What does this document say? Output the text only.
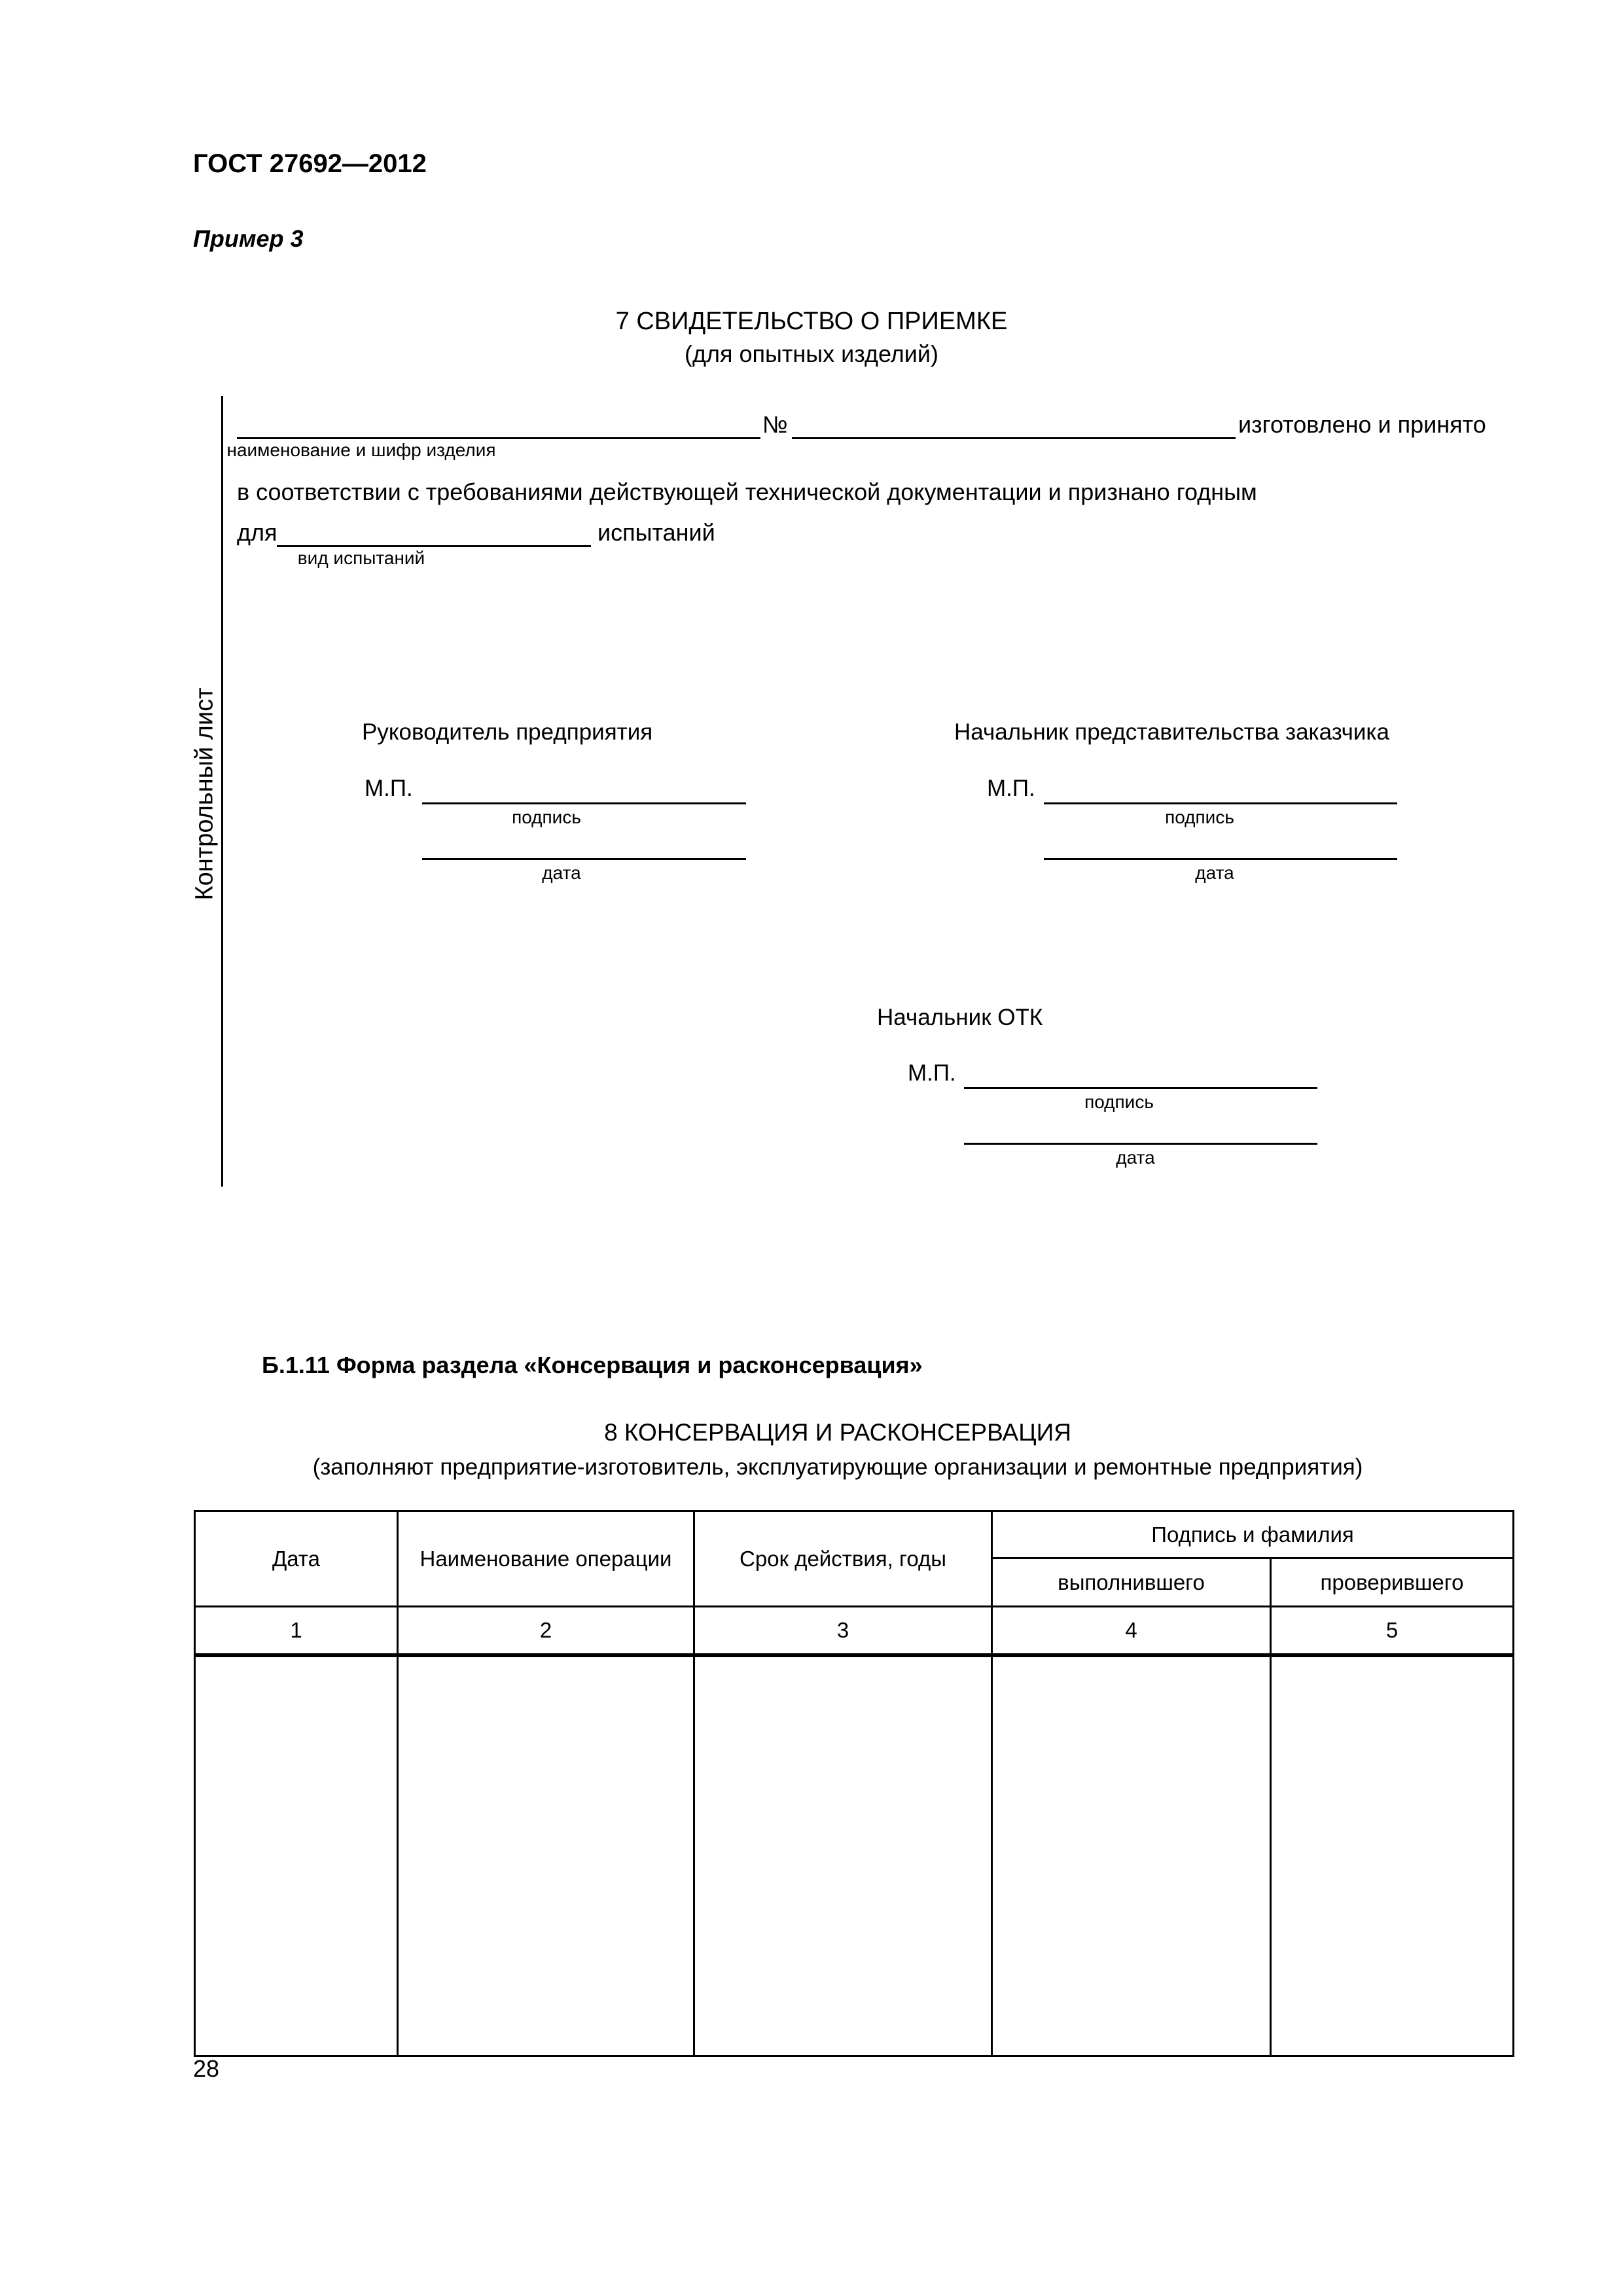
ГОСТ 27692—2012
Пример 3
7 СВИДЕТЕЛЬСТВО О ПРИЕМКЕ
(для опытных изделий)
Контрольный лист
№	изготовлено и принято
наименование и шифр изделия
в соответствии с требованиями действующей технической документации и признано годным
для	испытаний
вид испытаний
Руководитель предприятия
М.П.
подпись
дата
Начальник представительства заказчика
М.П.
подпись
дата
Начальник ОТК
М.П.
подпись
дата
Б.1.11 Форма раздела «Консервация и расконсервация»
8 КОНСЕРВАЦИЯ И РАСКОНСЕРВАЦИЯ
(заполняют предприятие-изготовитель, эксплуатирующие организации и ремонтные предприятия)
Дата	Наименование операции	Срок действия, годы	Подпись и фамилия	
			выполнившего	проверившего
1	2	3	4	5

28
